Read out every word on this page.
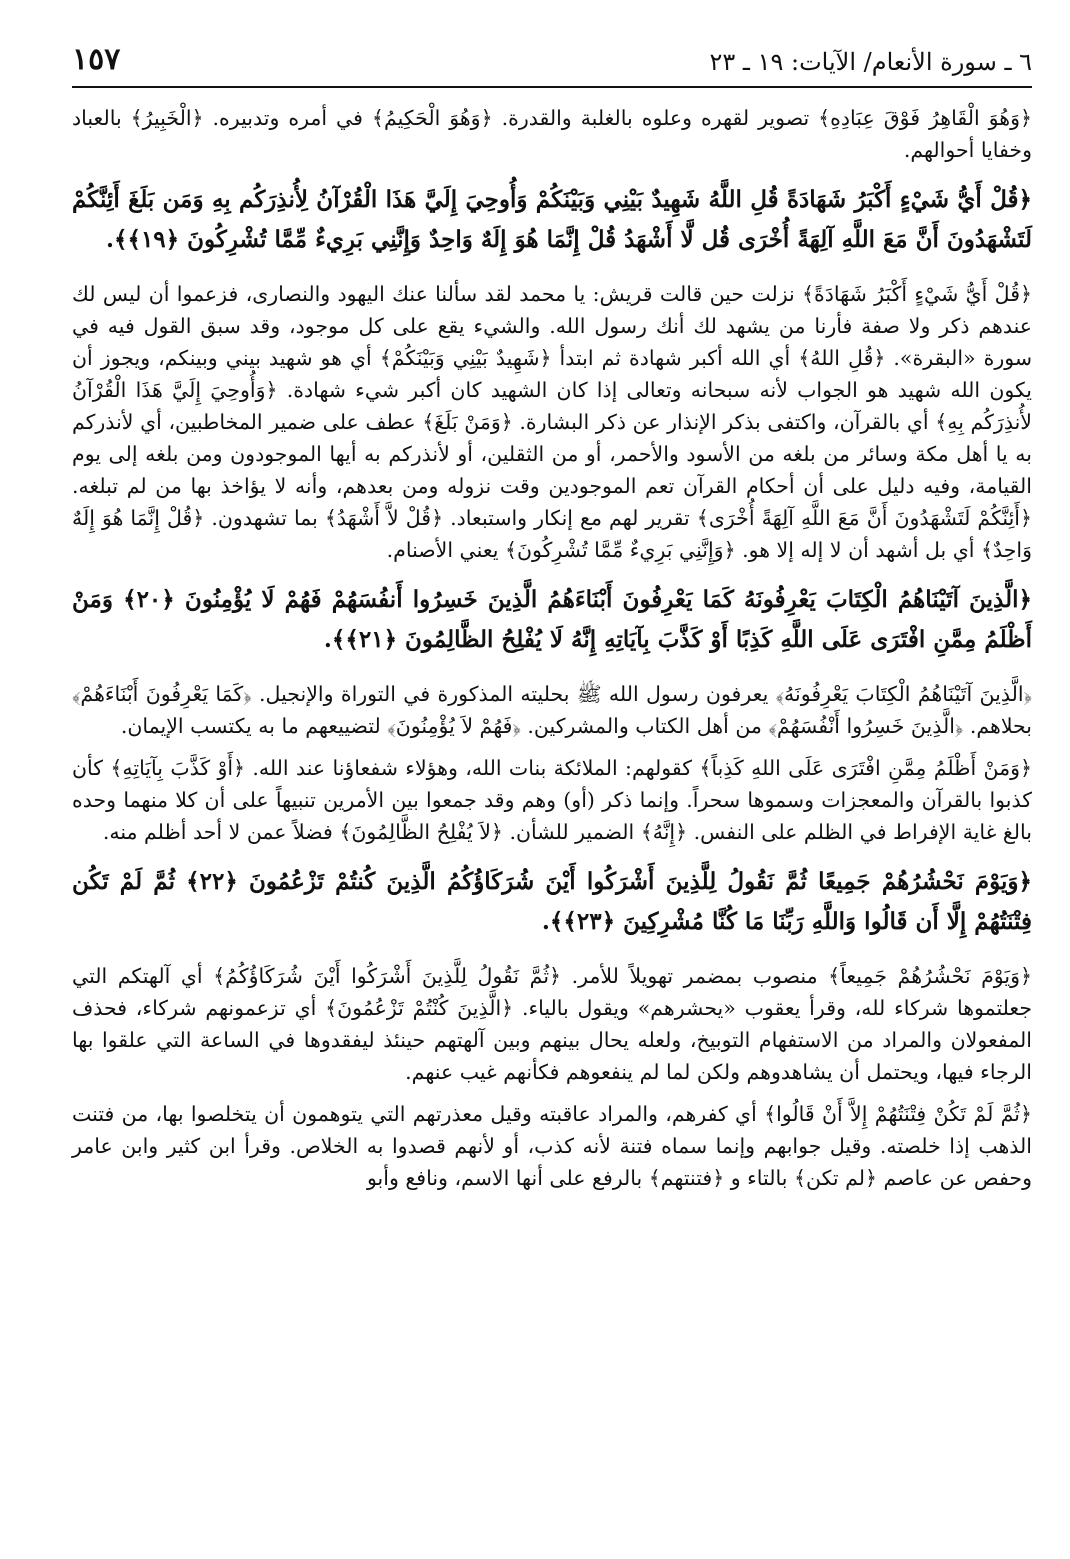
١٥٧	٦ ـ سورة الأنعام/ الآيات: ١٩ ـ ٢٣

﴿وَهُوَ الْقَاهِرُ فَوْقَ عِبَادِهِ﴾ تصوير لقهره وعلوه بالغلبة والقدرة. ﴿وَهُوَ الْحَكِيمُ﴾ في أمره وتدبيره. ﴿الْخَبِيرُ﴾ بالعباد وخفايا أحوالهم.

﴿قُلْ أَيُّ شَيْءٍ أَكْبَرُ شَهَادَةً قُلِ اللَّهُ شَهِيدٌ بَيْنِي وَبَيْنَكُمْ وَأُوحِيَ إِلَيَّ هَذَا الْقُرْآنُ لِأُنذِرَكُم بِهِ وَمَن بَلَغَ أَئِنَّكُمْ لَتَشْهَدُونَ أَنَّ مَعَ اللَّهِ آلِهَةً أُخْرَى قُل لَّا أَشْهَدُ قُلْ إِنَّمَا هُوَ إِلَهٌ وَاحِدٌ وَإِنَّنِي بَرِيءٌ مِّمَّا تُشْرِكُونَ ﴿١٩﴾﴾.

﴿قُلْ أَيُّ شَيْءٍ أَكْبَرُ شَهَادَةً﴾ نزلت حين قالت قريش: يا محمد لقد سألنا عنك اليهود والنصارى، فزعموا أن ليس لك عندهم ذكر ولا صفة فأرنا من يشهد لك أنك رسول الله. والشيء يقع على كل موجود، وقد سبق القول فيه في سورة «البقرة». ﴿قُلِ اللهُ﴾ أي الله أكبر شهادة ثم ابتدأ ﴿شَهِيدٌ بَيْنِي وَبَيْنَكُمْ﴾ أي هو شهيد بيني وبينكم، ويجوز أن يكون الله شهيد هو الجواب لأنه سبحانه وتعالى إذا كان الشهيد كان أكبر شيء شهادة. ﴿وَأُوحِيَ إِلَيَّ هَذَا الْقُرْآنُ لأُنذِرَكُم بِهِ﴾ أي بالقرآن، واكتفى بذكر الإنذار عن ذكر البشارة. ﴿وَمَنْ بَلَغَ﴾ عطف على ضمير المخاطبين، أي لأنذركم به يا أهل مكة وسائر من بلغه من الأسود والأحمر، أو من الثقلين، أو لأنذركم به أيها الموجودون ومن بلغه إلى يوم القيامة، وفيه دليل على أن أحكام القرآن تعم الموجودين وقت نزوله ومن بعدهم، وأنه لا يؤاخذ بها من لم تبلغه. ﴿أَئِنَّكُمْ لَتَشْهَدُونَ أَنَّ مَعَ اللَّهِ آلِهَةً أُخْرَى﴾ تقرير لهم مع إنكار واستبعاد. ﴿قُلْ لاَّ أَشْهَدُ﴾ بما تشهدون. ﴿قُلْ إِنَّمَا هُوَ إِلَهٌ وَاحِدٌ﴾ أي بل أشهد أن لا إله إلا هو. ﴿وَإِنَّنِي بَرِيءٌ مِّمَّا تُشْرِكُونَ﴾ يعني الأصنام.

﴿الَّذِينَ آتَيْنَاهُمُ الْكِتَابَ يَعْرِفُونَهُ كَمَا يَعْرِفُونَ أَبْنَاءَهُمُ الَّذِينَ خَسِرُوا أَنفُسَهُمْ فَهُمْ لَا يُؤْمِنُونَ ﴿٢٠﴾ وَمَنْ أَظْلَمُ مِمَّنِ افْتَرَى عَلَى اللَّهِ كَذِبًا أَوْ كَذَّبَ بِآيَاتِهِ إِنَّهُ لَا يُفْلِحُ الظَّالِمُونَ ﴿٢١﴾﴾.

﴿الَّذِينَ آتَيْنَاهُمُ الْكِتَابَ يَعْرِفُونَهُ﴾ يعرفون رسول الله ﷺ بحليته المذكورة في التوراة والإنجيل. ﴿كَمَا يَعْرِفُونَ أَبْنَاءَهُمْ﴾ بحلاهم. ﴿الَّذِينَ خَسِرُوا أَنْفُسَهُمْ﴾ من أهل الكتاب والمشركين. ﴿فَهُمْ لاَ يُؤْمِنُونَ﴾ لتضييعهم ما به يكتسب الإيمان.

﴿وَمَنْ أَظْلَمُ مِمَّنِ افْتَرَى عَلَى اللهِ كَذِباً﴾ كقولهم: الملائكة بنات الله، وهؤلاء شفعاؤنا عند الله. ﴿أَوْ كَذَّبَ بِآيَاتِهِ﴾ كأن كذبوا بالقرآن والمعجزات وسموها سحراً. وإنما ذكر (أو) وهم وقد جمعوا بين الأمرين تنبيهاً على أن كلا منهما وحده بالغ غاية الإفراط في الظلم على النفس. ﴿إِنَّهُ﴾ الضمير للشأن. ﴿لاَ يُفْلِحُ الظَّالِمُونَ﴾ فضلاً عمن لا أحد أظلم منه.

﴿وَيَوْمَ نَحْشُرُهُمْ جَمِيعًا ثُمَّ نَقُولُ لِلَّذِينَ أَشْرَكُوا أَيْنَ شُرَكَاؤُكُمُ الَّذِينَ كُنتُمْ تَزْعُمُونَ ﴿٢٢﴾ ثُمَّ لَمْ تَكُن فِتْنَتُهُمْ إِلَّا أَن قَالُوا وَاللَّهِ رَبِّنَا مَا كُنَّا مُشْرِكِينَ ﴿٢٣﴾﴾.

﴿وَيَوْمَ نَحْشُرُهُمْ جَمِيعاً﴾ منصوب بمضمر تهويلاً للأمر. ﴿ثُمَّ نَقُولُ لِلَّذِينَ أَشْرَكُوا أَيْنَ شُرَكَاؤُكُمُ﴾ أي آلهتكم التي جعلتموها شركاء لله، وقرأ يعقوب «يحشرهم» ويقول بالياء. ﴿الَّذِينَ كُنْتُمْ تَزْعُمُونَ﴾ أي تزعمونهم شركاء، فحذف المفعولان والمراد من الاستفهام التوبيخ، ولعله يحال بينهم وبين آلهتهم حينئذ ليفقدوها في الساعة التي علقوا بها الرجاء فيها، ويحتمل أن يشاهدوهم ولكن لما لم ينفعوهم فكأنهم غيب عنهم.

﴿ثُمَّ لَمْ تَكُنْ فِتْنَتُهُمْ إِلاَّ أَنْ قَالُوا﴾ أي كفرهم، والمراد عاقبته وقيل معذرتهم التي يتوهمون أن يتخلصوا بها، من فتنت الذهب إذا خلصته. وقيل جوابهم وإنما سماه فتنة لأنه كذب، أو لأنهم قصدوا به الخلاص. وقرأ ابن كثير وابن عامر وحفص عن عاصم ﴿لم تكن﴾ بالتاء و ﴿فتنتهم﴾ بالرفع على أنها الاسم، ونافع وأبو
